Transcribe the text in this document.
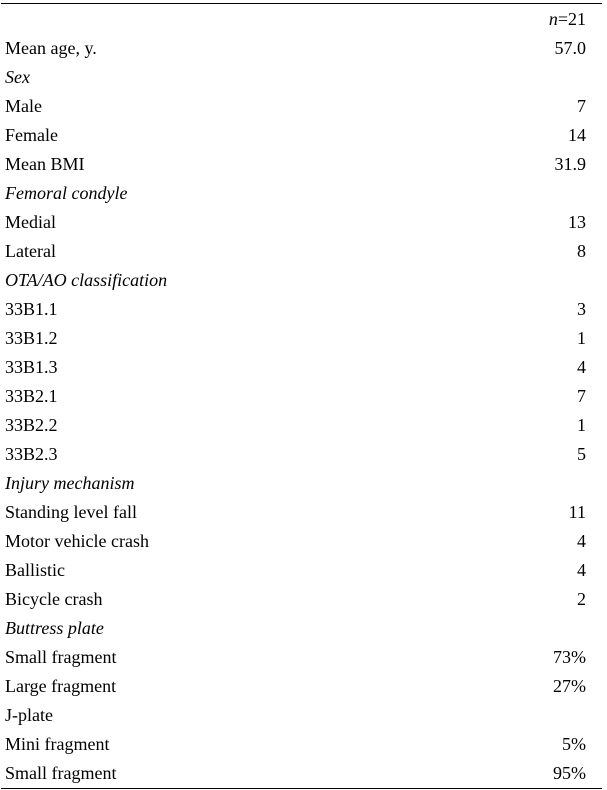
	n=21
Mean age, y.	57.0
Sex	
Male	7
Female	14
Mean BMI	31.9
Femoral condyle	
Medial	13
Lateral	8
OTA/AO classification	
33B1.1	3
33B1.2	1
33B1.3	4
33B2.1	7
33B2.2	1
33B2.3	5
Injury mechanism	
Standing level fall	11
Motor vehicle crash	4
Ballistic	4
Bicycle crash	2
Buttress plate	
Small fragment	73%
Large fragment	27%
J-plate	
Mini fragment	5%
Small fragment	95%
